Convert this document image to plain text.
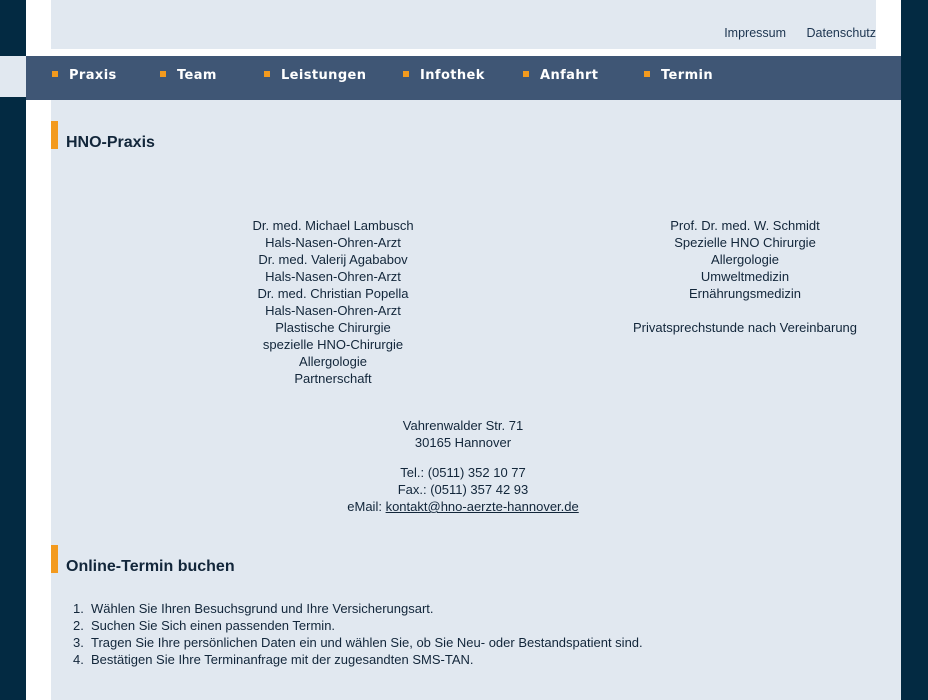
Impressum Datenschutz
Praxis	Team	Leistungen	Infothek	Anfahrt	Termin
HNO-Praxis
Dr. med. Michael Lambusch
Hals-Nasen-Ohren-Arzt
Dr. med. Valerij Agababov
Hals-Nasen-Ohren-Arzt
Dr. med. Christian Popella
Hals-Nasen-Ohren-Arzt
Plastische Chirurgie
spezielle HNO-Chirurgie
Allergologie
Partnerschaft
Prof. Dr. med. W. Schmidt
Spezielle HNO Chirurgie
Allergologie
Umweltmedizin
Ernährungsmedizin
Privatsprechstunde nach Vereinbarung
Vahrenwalder Str. 71
30165 Hannover
Tel.: (0511) 352 10 77
Fax.: (0511) 357 42 93
eMail: kontakt@hno-aerzte-hannover.de
Online-Termin buchen
1. Wählen Sie Ihren Besuchsgrund und Ihre Versicherungsart.
2. Suchen Sie Sich einen passenden Termin.
3. Tragen Sie Ihre persönlichen Daten ein und wählen Sie, ob Sie Neu- oder Bestandspatient sind.
4. Bestätigen Sie Ihre Terminanfrage mit der zugesandten SMS-TAN.
